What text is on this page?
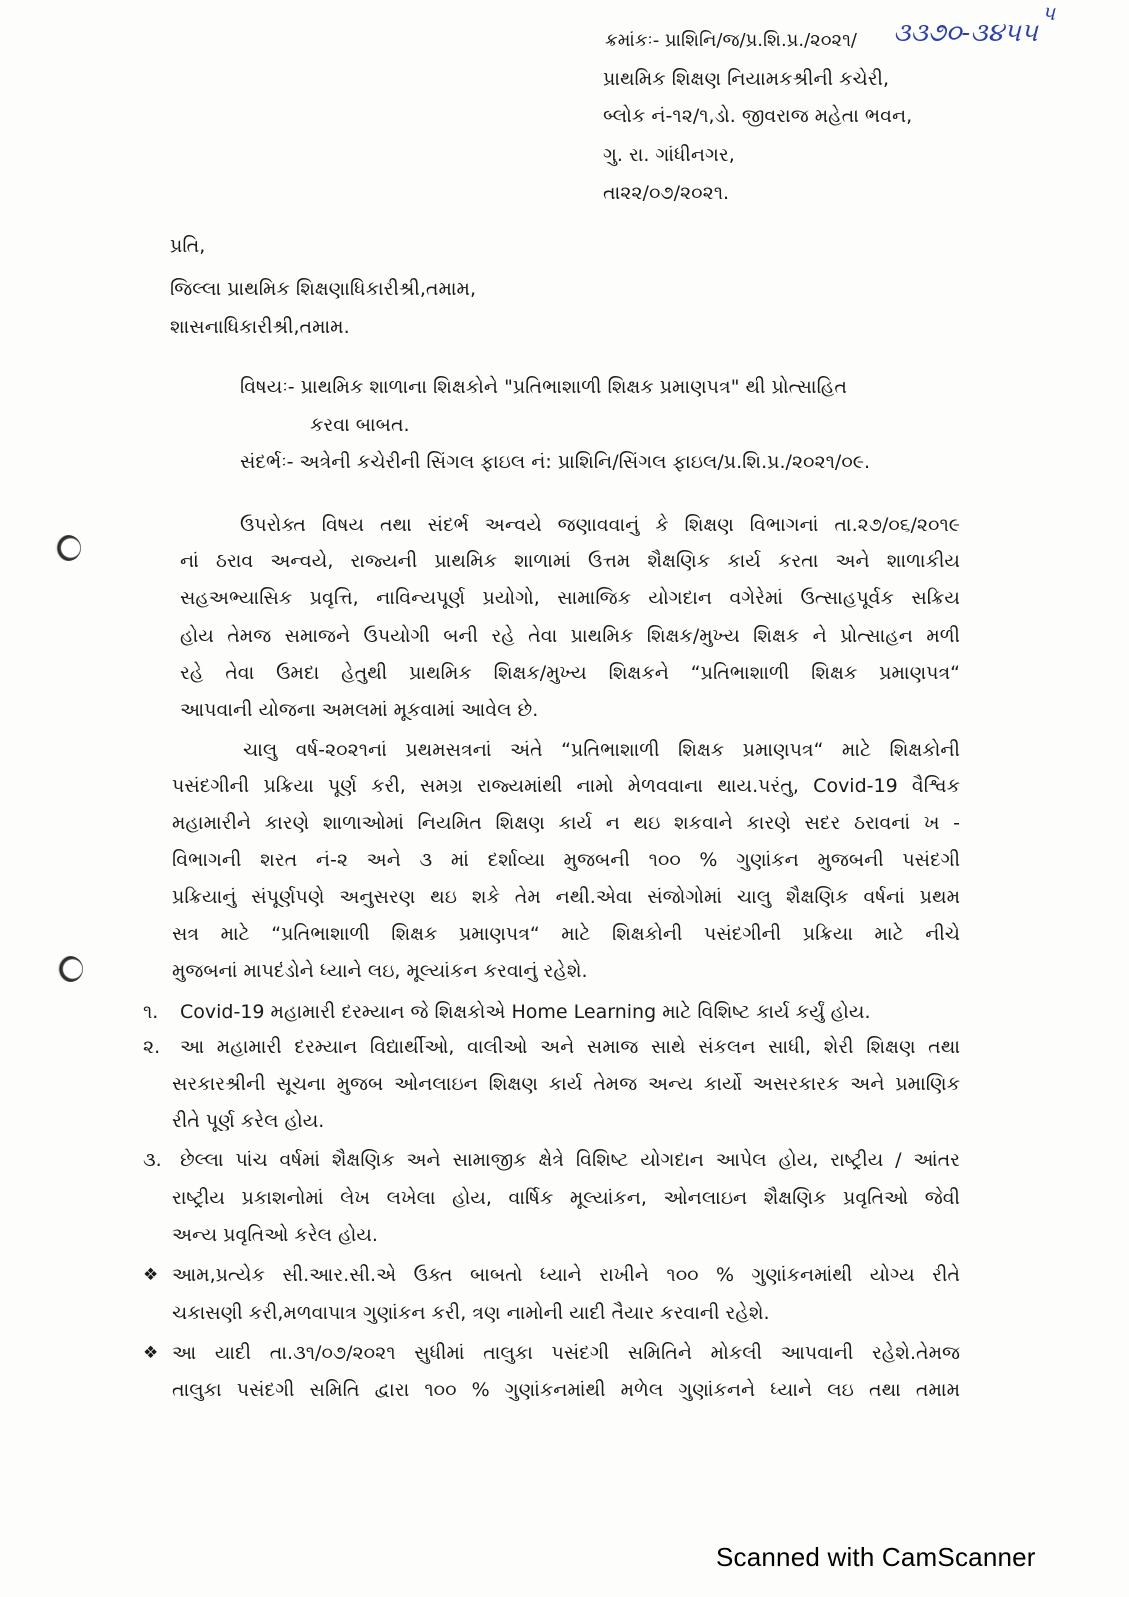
ક્રમાંકઃ- પ્રાશિનિ/જ/પ્ર.શિ.પ્ર./૨૦૨૧/ ૩૩૭૦-૩૪૫૫
પ
પ્રાથમિક શિક્ષણ નિયામકશ્રીની કચેરી,
બ્લોક નં-૧૨/૧,ડો. જીવરાજ મહેતા ભવન,
ગુ. રા. ગાંધીનગર,
તા૨૨/૦૭/૨૦૨૧.
પ્રતિ,
જિલ્લા પ્રાથમિક શિક્ષણાધિકારીશ્રી,તમામ,
શાસનાધિકારીશ્રી,તમામ.
વિષયઃ- પ્રાથમિક શાળાના શિક્ષકોને "પ્રતિભાશાળી શિક્ષક પ્રમાણપત્ર" થી પ્રોત્સાહિત
કરવા બાબત.
સંદર્ભઃ- અત્રેની કચેરીની સિંગલ ફાઇલ નં: પ્રાશિનિ/સિંગલ ફાઇલ/પ્ર.શિ.પ્ર./૨૦૨૧/૦૯.
ઉપરોક્ત વિષય તથા સંદર્ભ અન્વયે જણાવવાનું કે શિક્ષણ વિભાગનાં તા.૨૭/૦૬/૨૦૧૯
નાં ઠરાવ અન્વયે, રાજ્યની પ્રાથમિક શાળામાં ઉત્તમ શૈક્ષણિક કાર્ય કરતા અને શાળાકીય
સહઅભ્યાસિક પ્રવૃત્તિ, નાવિન્યપૂર્ણ પ્રયોગો, સામાજિક યોગદાન વગેરેમાં ઉત્સાહપૂર્વક સક્રિય
હોય તેમજ સમાજને ઉપયોગી બની રહે તેવા પ્રાથમિક શિક્ષક/મુખ્ય શિક્ષક ને પ્રોત્સાહન મળી
રહે તેવા ઉમદા હેતુથી પ્રાથમિક શિક્ષક/મુખ્ય શિક્ષકને “પ્રતિભાશાળી શિક્ષક પ્રમાણપત્ર“
આપવાની યોજના અમલમાં મૂકવામાં આવેલ છે.
ચાલુ વર્ષ-૨૦૨૧નાં પ્રથમસત્રનાં અંતે “પ્રતિભાશાળી શિક્ષક પ્રમાણપત્ર“ માટે શિક્ષકોની
પસંદગીની પ્રક્રિયા પૂર્ણ કરી, સમગ્ર રાજ્યમાંથી નામો મેળવવાના થાય.પરંતુ, Covid-19 વૈશ્વિક
મહામારીને કારણે શાળાઓમાં નિયમિત શિક્ષણ કાર્ય ન થઇ શકવાને કારણે સદર ઠરાવનાં ખ -
વિભાગની શરત નં-૨ અને ૩ માં દર્શાવ્યા મુજબની ૧૦૦ % ગુણાંકન મુજબની પસંદગી
પ્રક્રિયાનું સંપૂર્ણપણે અનુસરણ થઇ શકે તેમ નથી.એવા સંજોગોમાં ચાલુ શૈક્ષણિક વર્ષનાં પ્રથમ
સત્ર માટે “પ્રતિભાશાળી શિક્ષક પ્રમાણપત્ર“ માટે શિક્ષકોની પસંદગીની પ્રક્રિયા માટે નીચે
મુજબનાં માપદંડોને ધ્યાને લઇ, મૂલ્યાંકન કરવાનું રહેશે.
૧. Covid-19 મહામારી દરમ્યાન જે શિક્ષકોએ Home Learning માટે વિશિષ્ટ કાર્ય કર્યું હોય.
૨. આ મહામારી દરમ્યાન વિદ્યાર્થીઓ, વાલીઓ અને સમાજ સાથે સંકલન સાધી, શેરી શિક્ષણ તથા
સરકારશ્રીની સૂચના મુજબ ઓનલાઇન શિક્ષણ કાર્ય તેમજ અન્ય કાર્યો અસરકારક અને પ્રમાણિક
રીતે પૂર્ણ કરેલ હોય.
૩. છેલ્લા પાંચ વર્ષમાં શૈક્ષણિક અને સામાજીક ક્ષેત્રે વિશિષ્ટ યોગદાન આપેલ હોય, રાષ્ટ્રીય / આંતર
રાષ્ટ્રીય પ્રકાશનોમાં લેખ લખેલા હોય, વાર્ષિક મૂલ્યાંકન, ઓનલાઇન શૈક્ષણિક પ્રવૃતિઓ જેવી
અન્ય પ્રવૃતિઓ કરેલ હોય.
❖ આમ,પ્રત્યેક સી.આર.સી.એ ઉક્ત બાબતો ધ્યાને રાખીને ૧૦૦ % ગુણાંકનમાંથી યોગ્ય રીતે
ચકાસણી કરી,મળવાપાત્ર ગુણાંકન કરી, ત્રણ નામોની યાદી તૈયાર કરવાની રહેશે.
❖ આ યાદી તા.૩૧/૦૭/૨૦૨૧ સુધીમાં તાલુકા પસંદગી સમિતિને મોકલી આપવાની રહેશે.તેમજ
તાલુકા પસંદગી સમિતિ દ્વારા ૧૦૦ % ગુણાંકનમાંથી મળેલ ગુણાંકનને ધ્યાને લઇ તથા તમામ
Scanned with CamScanner
